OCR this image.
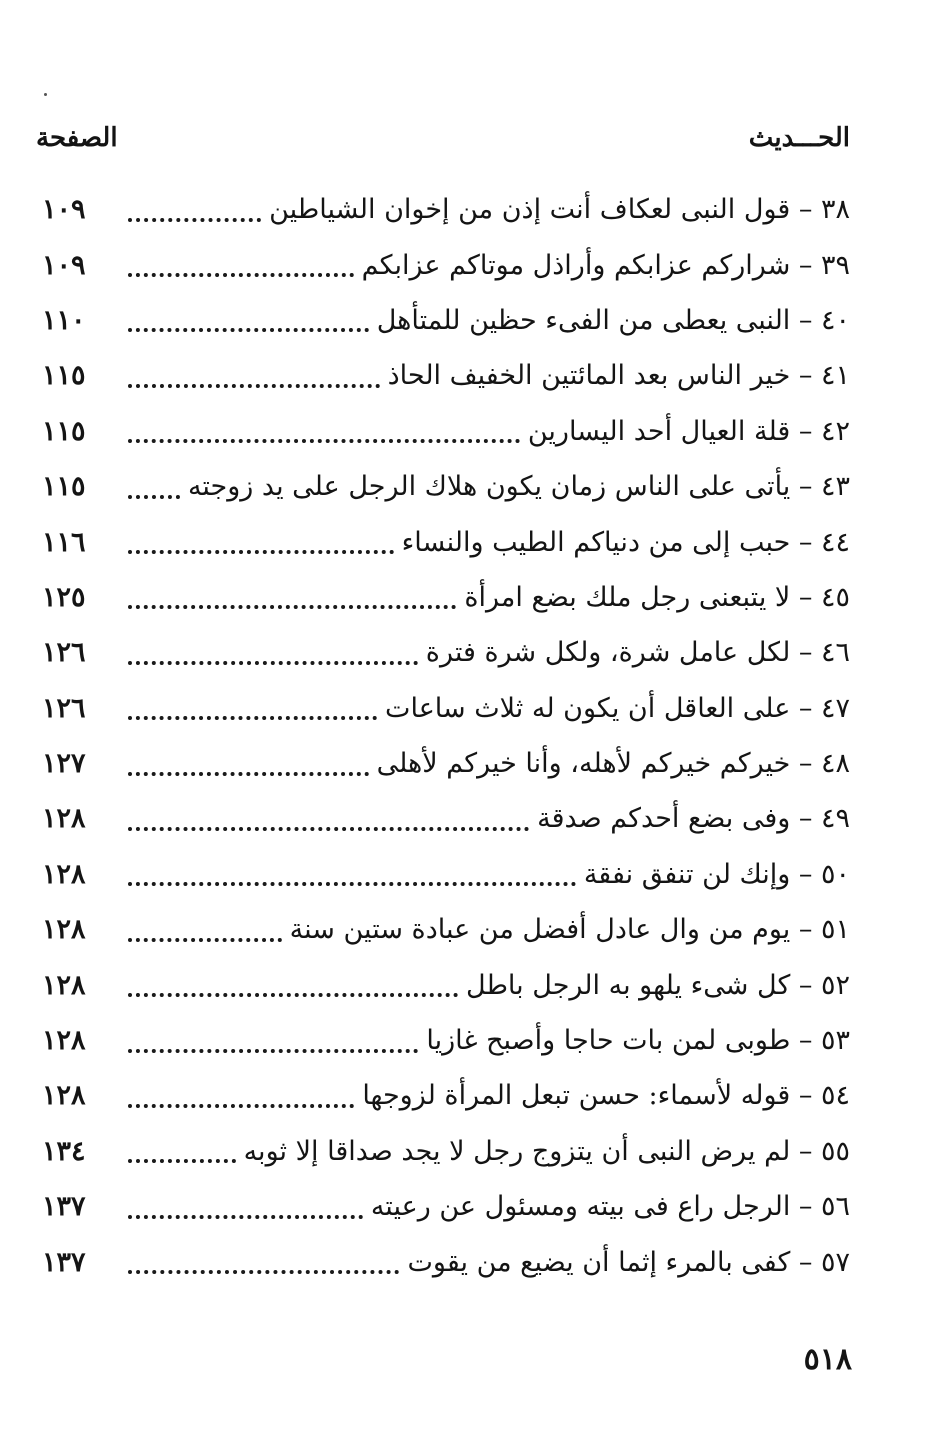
الصفحة	الحـــديث
١٠٩	٣٨ – قول النبى لعكاف أنت إذن من إخوان الشياطين
١٠٩	٣٩ – شراركم عزابكم وأراذل موتاكم عزابكم
١١٠	٤٠ – النبى يعطى من الفىء حظين للمتأهل
١١٥	٤١ – خير الناس بعد المائتين الخفيف الحاذ
١١٥	٤٢ – قلة العيال أحد اليسارين
١١٥	٤٣ – يأتى على الناس زمان يكون هلاك الرجل على يد زوجته
١١٦	٤٤ – حبب إلى من دنياكم الطيب والنساء
١٢٥	٤٥ – لا يتبعنى رجل ملك بضع امرأة
١٢٦	٤٦ – لكل عامل شرة، ولكل شرة فترة
١٢٦	٤٧ – على العاقل أن يكون له ثلاث ساعات
١٢٧	٤٨ – خيركم خيركم لأهله، وأنا خيركم لأهلى
١٢٨	٤٩ – وفى بضع أحدكم صدقة
١٢٨	٥٠ – وإنك لن تنفق نفقة
١٢٨	٥١ – يوم من وال عادل أفضل من عبادة ستين سنة
١٢٨	٥٢ – كل شىء يلهو به الرجل باطل
١٢٨	٥٣ – طوبى لمن بات حاجا وأصبح غازيا
١٢٨	٥٤ – قوله لأسماء: حسن تبعل المرأة لزوجها
١٣٤	٥٥ – لم يرض النبى أن يتزوج رجل لا يجد صداقا إلا ثوبه
١٣٧	٥٦ – الرجل راع فى بيته ومسئول عن رعيته
١٣٧	٥٧ – كفى بالمرء إثما أن يضيع من يقوت
٥١٨
